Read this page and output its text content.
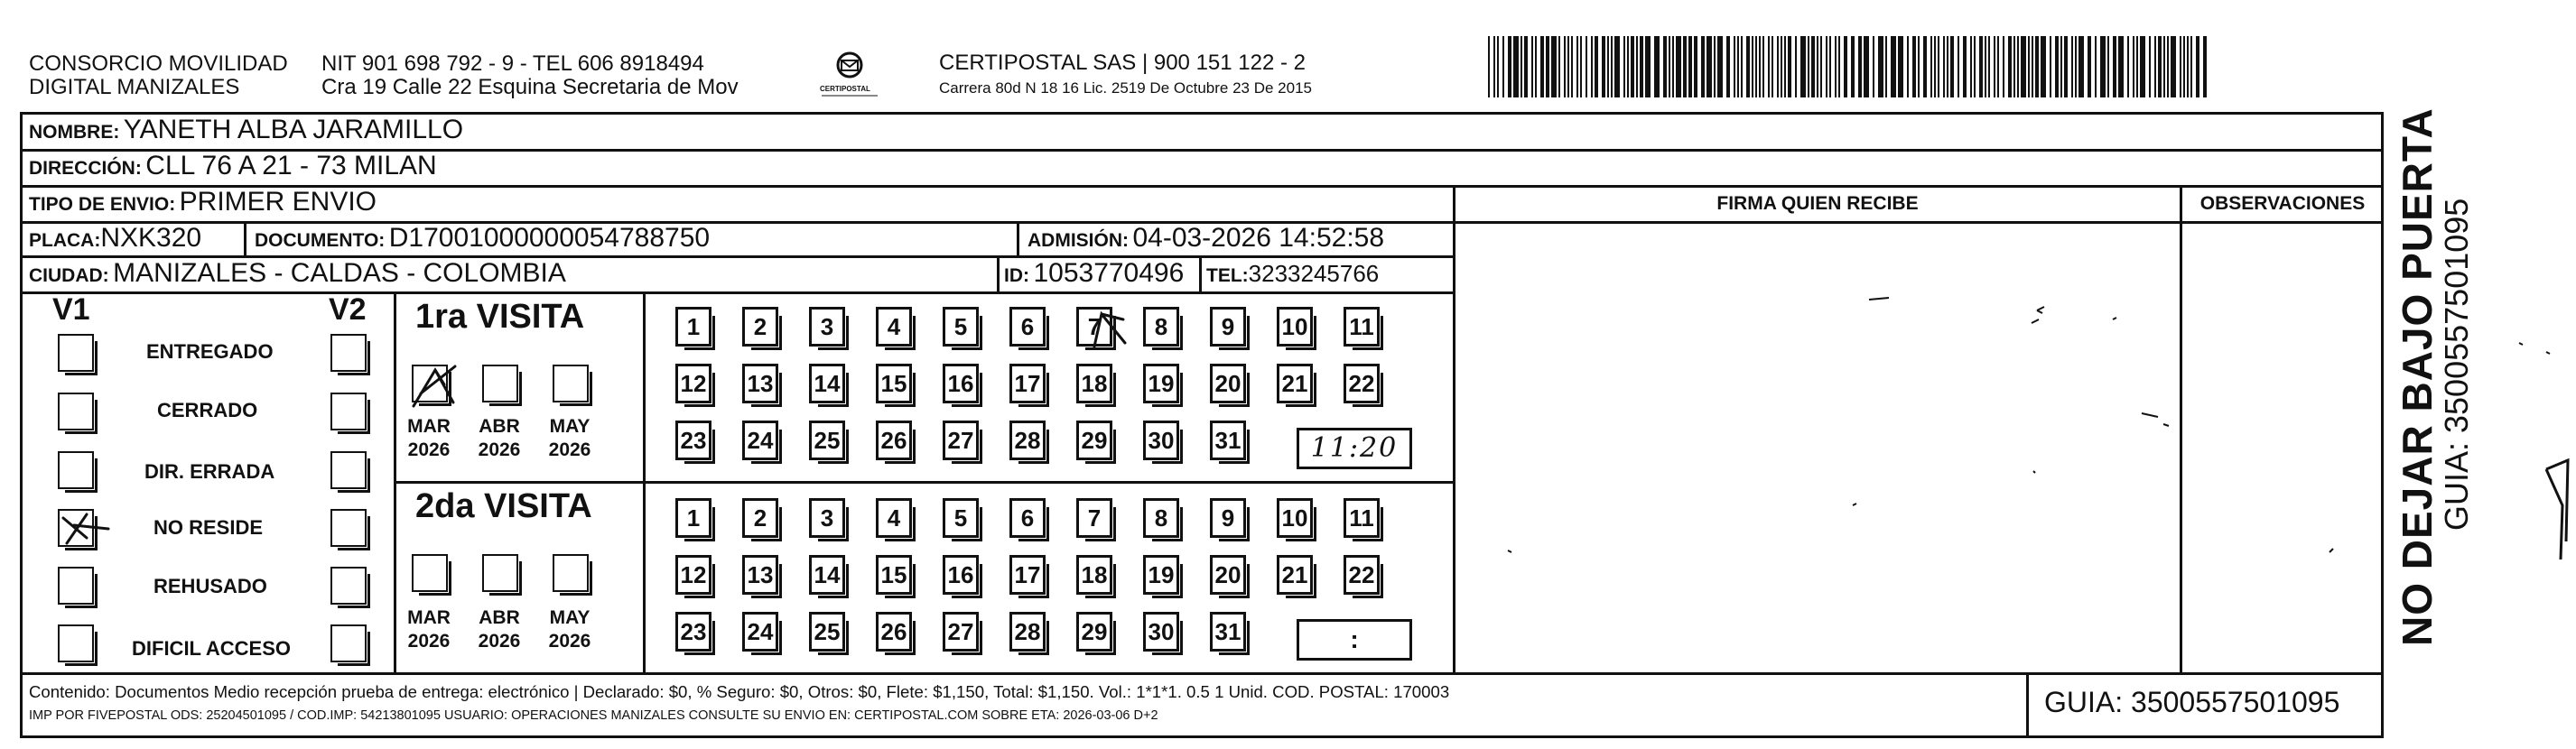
CONSORCIO MOVILIDAD
DIGITAL MANIZALES
NIT 901 698 792 - 9 - TEL 606 8918494
Cra 19 Calle 22 Esquina Secretaria de Mov	CERTIPOSTAL
CERTIPOSTAL SAS | 900 151 122 - 2
Carrera 80d N 18 16 Lic. 2519 De Octubre 23 De 2015
NOMBRE: YANETH ALBA JARAMILLO
DIRECCIÓN: CLL 76 A 21 - 73 MILAN
TIPO DE ENVIO: PRIMER ENVIO	FIRMA QUIEN RECIBE	OBSERVACIONES
PLACA:NXK320	DOCUMENTO: D17001000000054788750	ADMISIÓN: 04-03-2026 14:52:58
CIUDAD: MANIZALES - CALDAS - COLOMBIA	ID: 1053770496 TEL:3233245766
V1	V2
ENTREGADO
CERRADO
DIR. ERRADA
NO RESIDE
REHUSADO
DIFICIL ACCESO
1ra VISITA
MAR
2026
ABR
2026
MAY
2026
2da VISITA
MAR
2026
ABR
2026
MAY
2026
1	2	3	4	5	6	7	8	9	10 11
12 13 14 15 16 17 18 19 20 21 22
23 24 25 26 27 28 29 30 31
1	2	3	4	5	6	7	8	9	10 11
12 13 14 15 16 17 18 19 20 21 22
23 24 25 26 27 28 29 30 31
11:20
:
Contenido: Documentos Medio recepción prueba de entrega: electrónico | Declarado: $0, % Seguro: $0, Otros: $0, Flete: $1,150, Total: $1,150. Vol.: 1*1*1. 0.5 1 Unid. COD. POSTAL: 170003
IMP POR FIVEPOSTAL ODS: 25204501095 / COD.IMP: 54213801095 USUARIO: OPERACIONES MANIZALES CONSULTE SU ENVIO EN: CERTIPOSTAL.COM SOBRE ETA: 2026-03-06 D+2	GUIA: 3500557501095
NO DEJAR BAJO PUERTA
GUIA: 3500557501095
